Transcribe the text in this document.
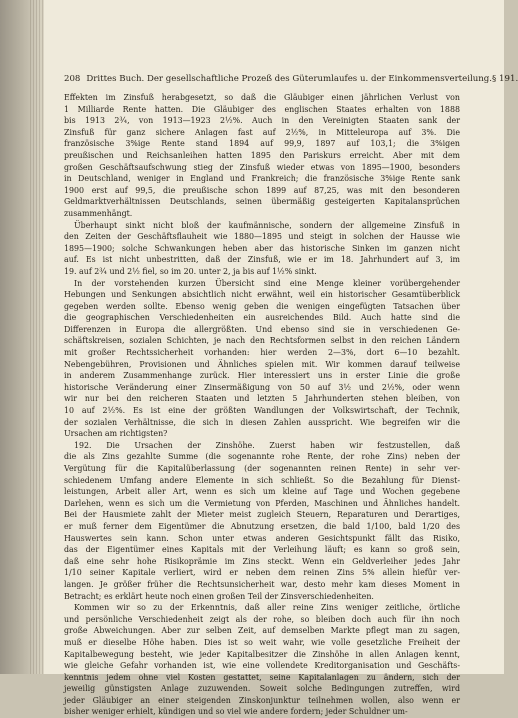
208 Drittes Buch. Der gesellschaftliche Prozeß des Güterumlaufes u. der Einkommensverteilung. § 191.
Effekten im Zinsfuß herabgesetzt, so daß die Gläubiger einen jährlichen Verlust von
1 Milliarde Rente hatten. Die Gläubiger des englischen Staates erhalten von 1888
bis 1913 2¾, von 1913—1923 2½%. Auch in den Vereinigten Staaten sank der
Zinsfuß für ganz sichere Anlagen fast auf 2½%, in Mitteleuropa auf 3%. Die
französische 3%ige Rente stand 1894 auf 99,9, 1897 auf 103,1; die 3%igen
preußischen und Reichsanleihen hatten 1895 den Pariskurs erreicht. Aber mit dem
großen Geschäftsaufschwung stieg der Zinsfuß wieder etwas von 1895—1900, besonders
in Deutschland, weniger in England und Frankreich; die französische 3%ige Rente sank
1900 erst auf 99,5, die preußische schon 1899 auf 87,25, was mit den besonderen
Geldmarktverhältnissen Deutschlands, seinen übermäßig gesteigerten Kapitalansprüchen
zusammenhängt.
Überhaupt sinkt nicht bloß der kaufmännische, sondern der allgemeine Zinsfuß in
den Zeiten der Geschäftsflauheit wie 1880—1895 und steigt in solchen der Hausse wie
1895—1900; solche Schwankungen heben aber das historische Sinken im ganzen nicht
auf. Es ist nicht unbestritten, daß der Zinsfuß, wie er im 18. Jahrhundert auf 3, im
19. auf 2¾ und 2½ fiel, so im 20. unter 2, ja bis auf 1½% sinkt.
In der vorstehenden kurzen Übersicht sind eine Menge kleiner vorübergehender
Hebungen und Senkungen absichtlich nicht erwähnt, weil ein historischer Gesamtüberblick
gegeben werden sollte. Ebenso wenig geben die wenigen eingefügten Tatsachen über
die geographischen Verschiedenheiten ein ausreichendes Bild. Auch hatte sind die
Differenzen in Europa die allergrößten. Und ebenso sind sie in verschiedenen Ge-
schäftskreisen, sozialen Schichten, je nach den Rechtsformen selbst in den reichen Ländern
mit großer Rechtssicherheit vorhanden: hier werden 2—3%, dort 6—10 bezahlt.
Nebengebühren, Provisionen und Ähnliches spielen mit. Wir kommen darauf teilweise
in anderem Zusammenhange zurück. Hier interessiert uns in erster Linie die große
historische Veränderung einer Zinsermäßigung von 50 auf 3½ und 2½%, oder wenn
wir nur bei den reicheren Staaten und letzten 5 Jahrhunderten stehen bleiben, von
10 auf 2½%. Es ist eine der größten Wandlungen der Volkswirtschaft, der Technik,
der sozialen Verhältnisse, die sich in diesen Zahlen ausspricht. Wie begreifen wir die
Ursachen am richtigsten?
192. Die Ursachen der Zinshöhe. Zuerst haben wir festzustellen, daß
die als Zins gezahlte Summe (die sogenannte rohe Rente, der rohe Zins) neben der
Vergütung für die Kapitalüberlassung (der sogenannten reinen Rente) in sehr ver-
schiedenem Umfang andere Elemente in sich schließt. So die Bezahlung für Dienst-
leistungen, Arbeit aller Art, wenn es sich um kleine auf Tage und Wochen gegebene
Darlehen, wenn es sich um die Vermietung von Pferden, Maschinen und Ähnliches handelt.
Bei der Hausmiete zahlt der Mieter meist zugleich Steuern, Reparaturen und Derartiges,
er muß ferner dem Eigentümer die Abnutzung ersetzen, die bald 1/100, bald 1/20 des
Hauswertes sein kann. Schon unter etwas anderen Gesichtspunkt fällt das Risiko,
das der Eigentümer eines Kapitals mit der Verleihung läuft; es kann so groß sein,
daß eine sehr hohe Risikoprämie im Zins steckt. Wenn ein Geldverleiher jedes Jahr
1/10 seiner Kapitale verliert, wird er neben dem reinen Zins 5% allein hiefür ver-
langen. Je größer früher die Rechtsunsicherheit war, desto mehr kam dieses Moment in
Betracht; es erklärt heute noch einen großen Teil der Zinsverschiedenheiten.
Kommen wir so zu der Erkenntnis, daß aller reine Zins weniger zeitliche, örtliche
und persönliche Verschiedenheit zeigt als der rohe, so bleiben doch auch für ihn noch
große Abweichungen. Aber zur selben Zeit, auf demselben Markte pflegt man zu sagen,
muß er dieselbe Höhe haben. Dies ist so weit wahr, wie volle gesetzliche Freiheit der
Kapitalbewegung besteht, wie jeder Kapitalbesitzer die Zinshöhe in allen Anlagen kennt,
wie gleiche Gefahr vorhanden ist, wie eine vollendete Kreditorganisation und Geschäfts-
kenntnis jedem ohne viel Kosten gestattet, seine Kapitalanlagen zu ändern, sich der
jeweilig günstigsten Anlage zuzuwenden. Soweit solche Bedingungen zutreffen, wird
jeder Gläubiger an einer steigenden Zinskonjunktur teilnehmen wollen, also wenn er
bisher weniger erhielt, kündigen und so viel wie andere fordern; jeder Schuldner um-
